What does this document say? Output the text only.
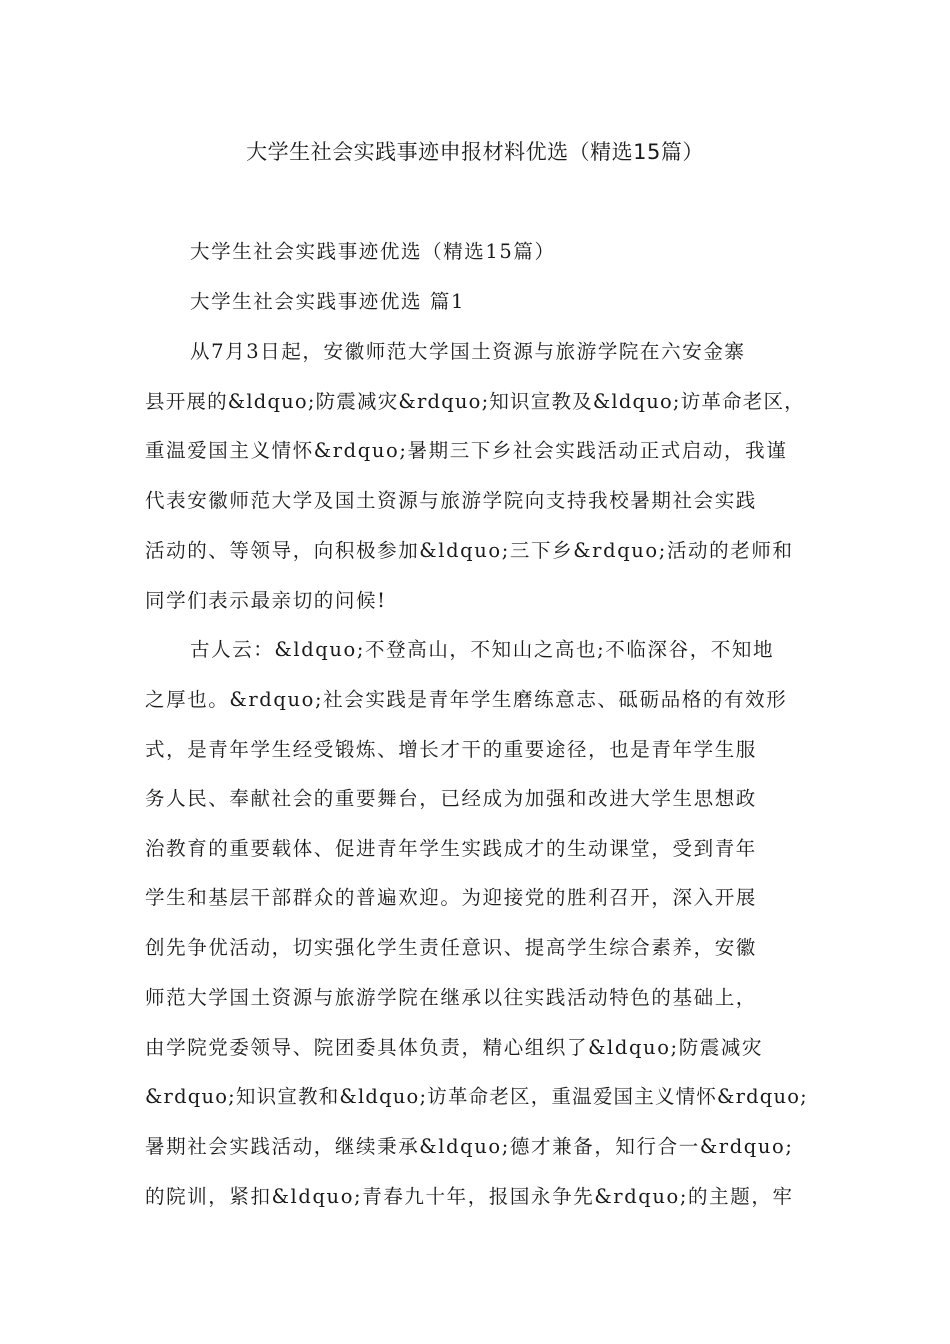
大学生社会实践事迹申报材料优选（精选15篇）

大学生社会实践事迹优选（精选15篇）

大学生社会实践事迹优选 篇1

从7月3日起，安徽师范大学国土资源与旅游学院在六安金寨

县开展的&ldquo;防震减灾&rdquo;知识宣教及&ldquo;访革命老区，

重温爱国主义情怀&rdquo;暑期三下乡社会实践活动正式启动，我谨

代表安徽师范大学及国土资源与旅游学院向支持我校暑期社会实践

活动的、等领导，向积极参加&ldquo;三下乡&rdquo;活动的老师和

同学们表示最亲切的问候!

古人云：&ldquo;不登高山，不知山之高也;不临深谷，不知地

之厚也。&rdquo;社会实践是青年学生磨练意志、砥砺品格的有效形

式，是青年学生经受锻炼、增长才干的重要途径，也是青年学生服

务人民、奉献社会的重要舞台，已经成为加强和改进大学生思想政

治教育的重要载体、促进青年学生实践成才的生动课堂，受到青年

学生和基层干部群众的普遍欢迎。为迎接党的胜利召开，深入开展

创先争优活动，切实强化学生责任意识、提高学生综合素养，安徽

师范大学国土资源与旅游学院在继承以往实践活动特色的基础上，

由学院党委领导、院团委具体负责，精心组织了&ldquo;防震减灾

&rdquo;知识宣教和&ldquo;访革命老区，重温爱国主义情怀&rdquo;

暑期社会实践活动，继续秉承&ldquo;德才兼备，知行合一&rdquo;

的院训，紧扣&ldquo;青春九十年，报国永争先&rdquo;的主题，牢
